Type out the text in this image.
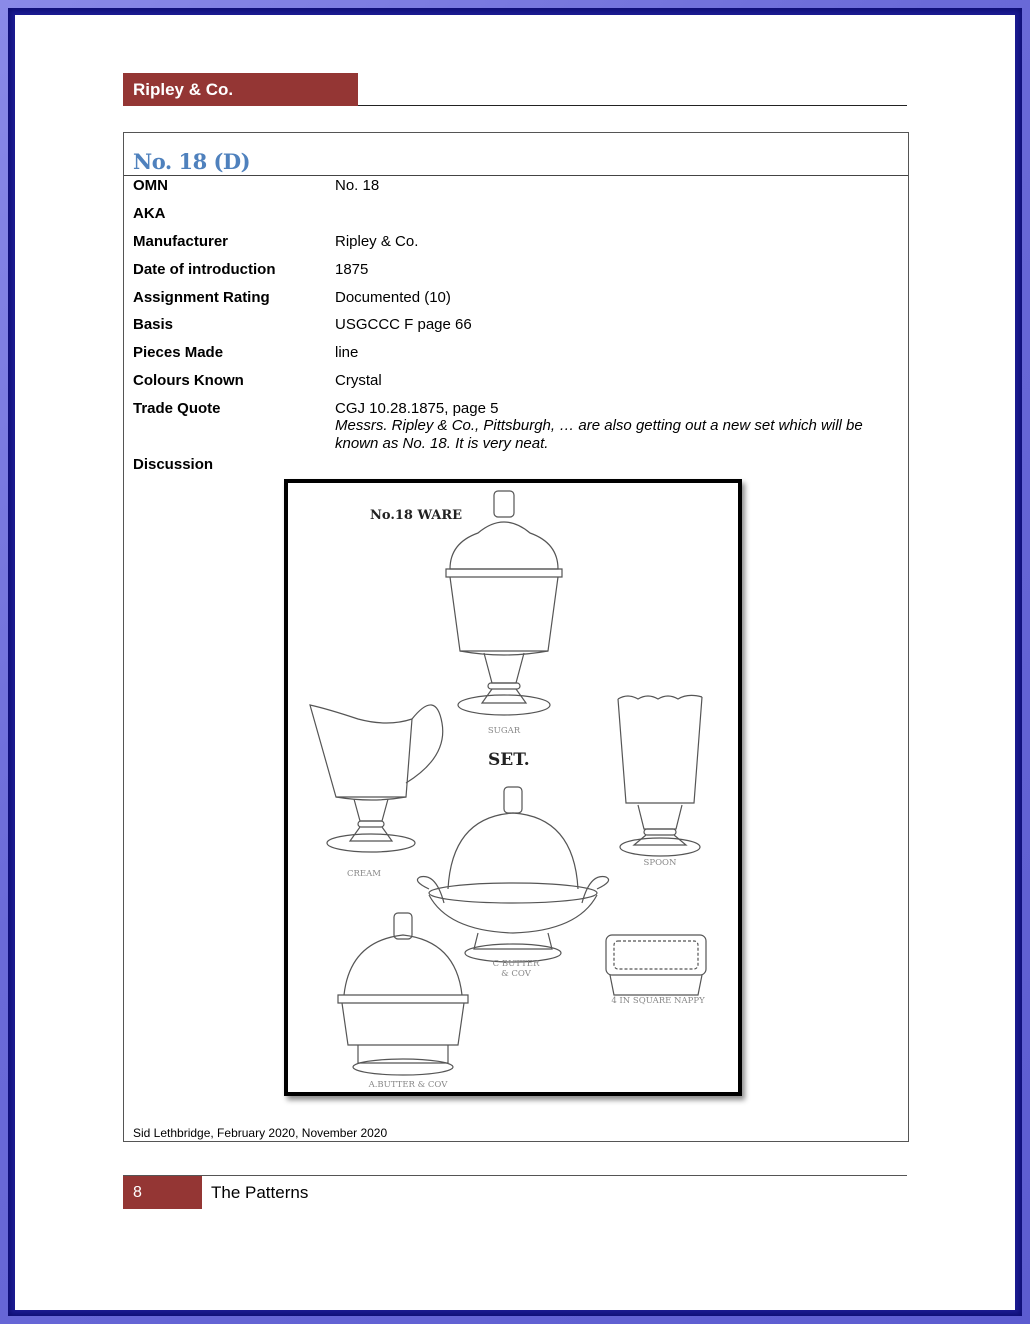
Ripley & Co.
No. 18 (D)
OMN	No. 18
AKA
Manufacturer	Ripley & Co.
Date of introduction	1875
Assignment Rating	Documented (10)
Basis	USGCCC F page 66
Pieces Made	line
Colours Known	Crystal
Trade Quote	CGJ 10.28.1875, page 5
Messrs. Ripley & Co., Pittsburgh, … are also getting out a new set which will be known as No. 18. It is very neat.
Discussion
No.18 WARE
SET.
SUGAR
CREAM
SPOON
C BUTTER
& COV
4 IN SQUARE NAPPY
A.BUTTER & COV
Sid Lethbridge, February 2020, November 2020
8	The Patterns
